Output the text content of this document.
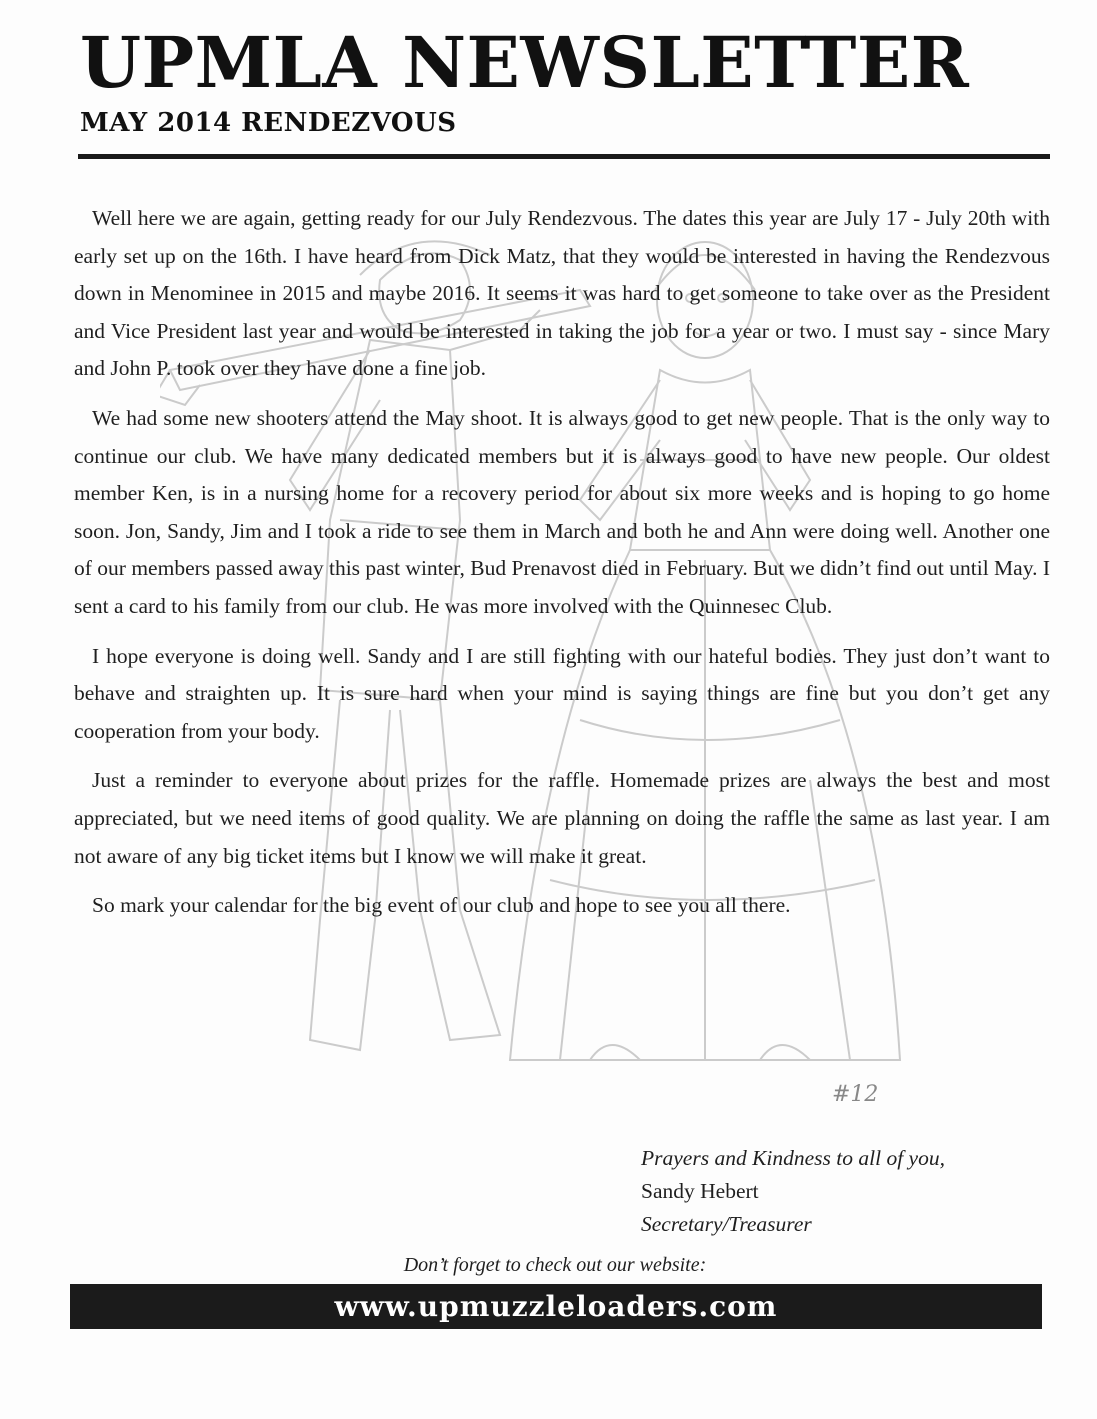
UPMLA NEWSLETTER
MAY 2014 RENDEZVOUS

Well here we are again, getting ready for our July Rendezvous. The dates this year are July 17 - July 20th with early set up on the 16th. I have heard from Dick Matz, that they would be interested in having the Rendezvous down in Menominee in 2015 and maybe 2016. It seems it was hard to get someone to take over as the President and Vice President last year and would be interested in taking the job for a year or two. I must say - since Mary and John P. took over they have done a fine job.

We had some new shooters attend the May shoot. It is always good to get new people. That is the only way to continue our club. We have many dedicated members but it is always good to have new people. Our oldest member Ken, is in a nursing home for a recovery period for about six more weeks and is hoping to go home soon. Jon, Sandy, Jim and I took a ride to see them in March and both he and Ann were doing well. Another one of our members passed away this past winter, Bud Prenavost died in February. But we didn’t find out until May. I sent a card to his family from our club. He was more involved with the Quinnesec Club.

I hope everyone is doing well. Sandy and I are still fighting with our hateful bodies. They just don’t want to behave and straighten up. It is sure hard when your mind is saying things are fine but you don’t get any cooperation from your body.

Just a reminder to everyone about prizes for the raffle. Homemade prizes are always the best and most appreciated, but we need items of good quality. We are planning on doing the raffle the same as last year. I am not aware of any big ticket items but I know we will make it great.

So mark your calendar for the big event of our club and hope to see you all there.

#12
Prayers and Kindness to all of you,
Sandy Hebert
Secretary/Treasurer
Don’t forget to check out our website:
www.upmuzzleloaders.com
